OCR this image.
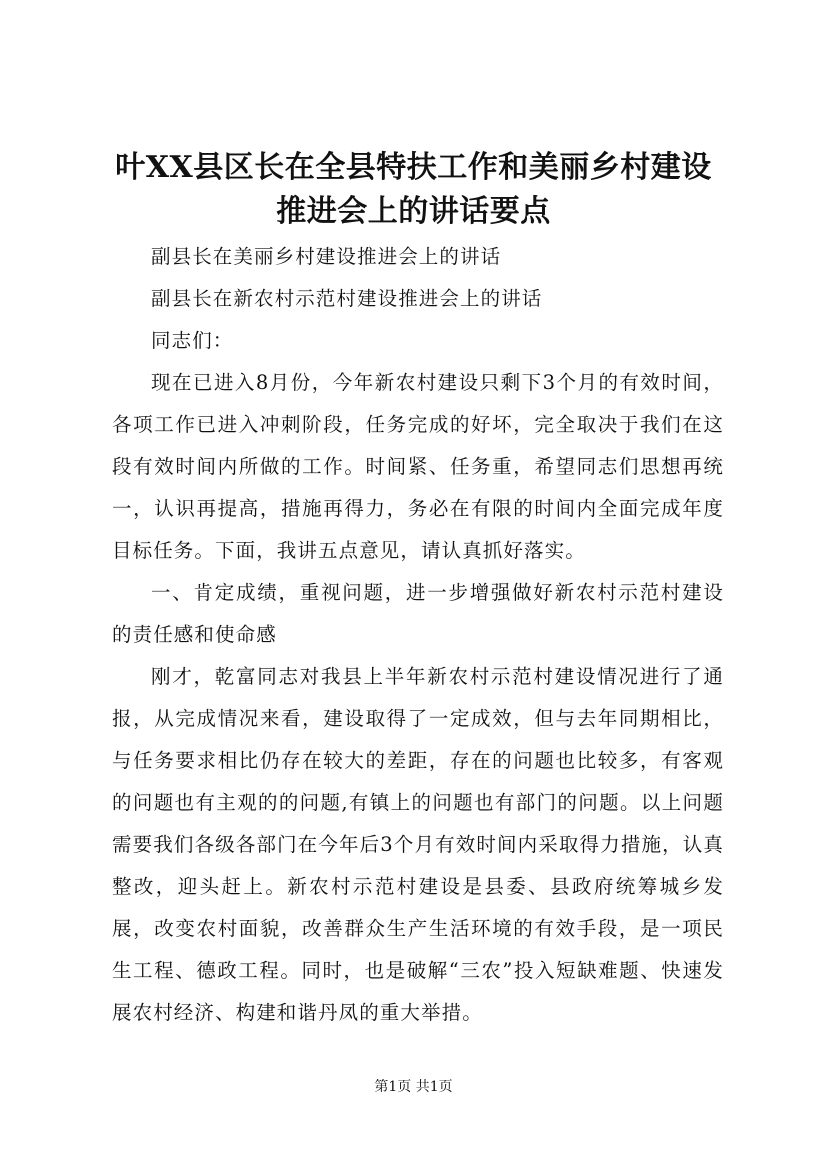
叶XX县区长在全县特扶工作和美丽乡村建设
推进会上的讲话要点

副县长在美丽乡村建设推进会上的讲话

副县长在新农村示范村建设推进会上的讲话

同志们：

现在已进入8月份，今年新农村建设只剩下3个月的有效时间，各项工作已进入冲刺阶段，任务完成的好坏，完全取决于我们在这段有效时间内所做的工作。时间紧、任务重，希望同志们思想再统一，认识再提高，措施再得力，务必在有限的时间内全面完成年度目标任务。下面，我讲五点意见，请认真抓好落实。

一、肯定成绩，重视问题，进一步增强做好新农村示范村建设的责任感和使命感

刚才，乾富同志对我县上半年新农村示范村建设情况进行了通报，从完成情况来看，建设取得了一定成效，但与去年同期相比，与任务要求相比仍存在较大的差距，存在的问题也比较多，有客观的问题也有主观的的问题,有镇上的问题也有部门的问题。以上问题需要我们各级各部门在今年后3个月有效时间内采取得力措施，认真整改，迎头赶上。新农村示范村建设是县委、县政府统筹城乡发展，改变农村面貌，改善群众生产生活环境的有效手段，是一项民生工程、德政工程。同时，也是破解“三农”投入短缺难题、快速发展农村经济、构建和谐丹凤的重大举措。

第1页 共1页
